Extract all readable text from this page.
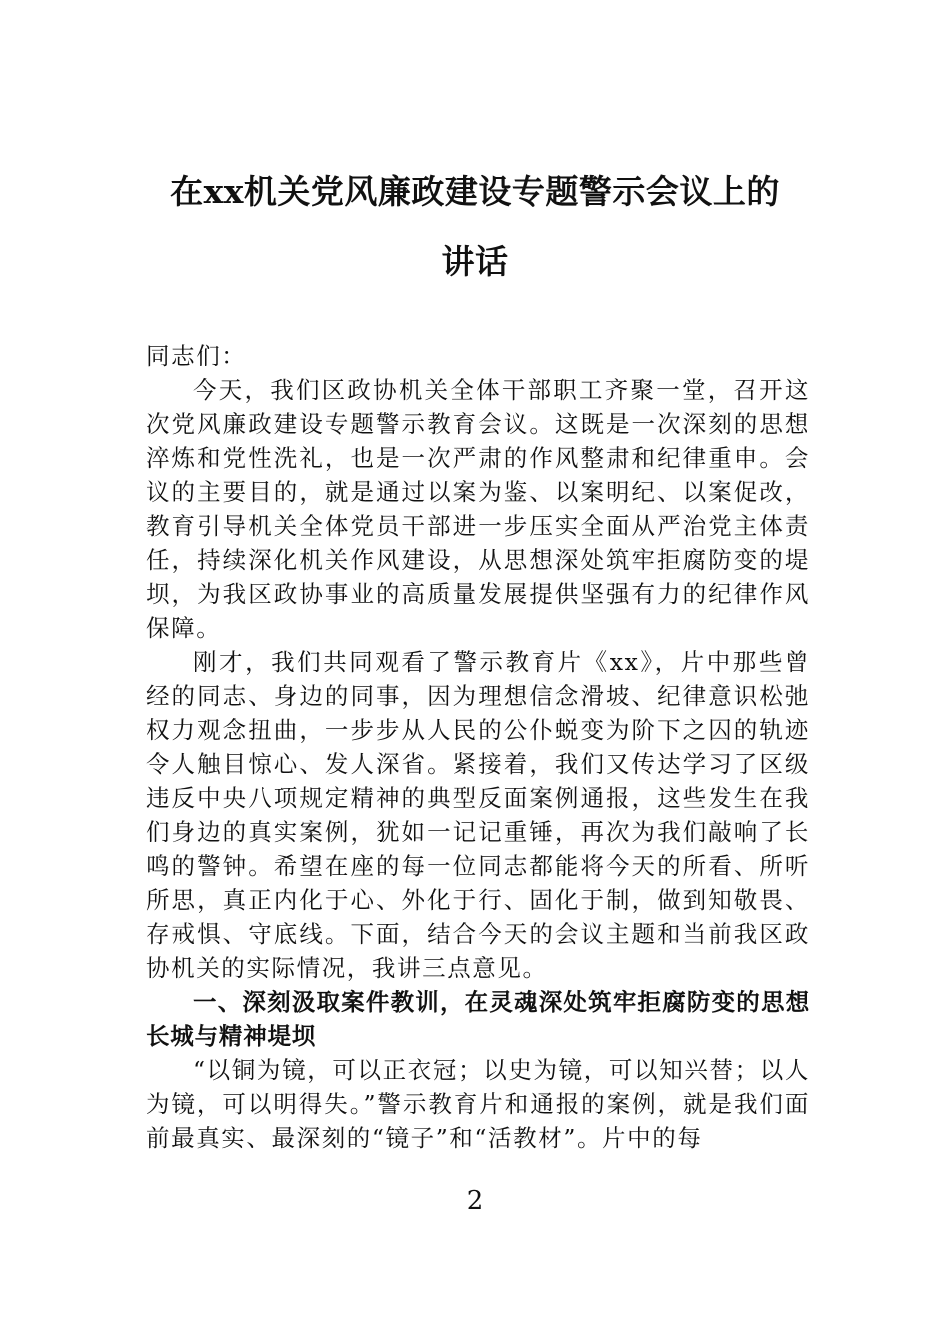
在xx机关党风廉政建设专题警示会议上的
讲话

同志们：

今天，我们区政协机关全体干部职工齐聚一堂，召开这次党风廉政建设专题警示教育会议。这既是一次深刻的思想淬炼和党性洗礼，也是一次严肃的作风整肃和纪律重申。会议的主要目的，就是通过以案为鉴、以案明纪、以案促改，教育引导机关全体党员干部进一步压实全面从严治党主体责任，持续深化机关作风建设，从思想深处筑牢拒腐防变的堤坝，为我区政协事业的高质量发展提供坚强有力的纪律作风保障。

刚才，我们共同观看了警示教育片《xx》，片中那些曾经的同志、身边的同事，因为理想信念滑坡、纪律意识松弛权力观念扭曲，一步步从人民的公仆蜕变为阶下之囚的轨迹令人触目惊心、发人深省。紧接着，我们又传达学习了区级违反中央八项规定精神的典型反面案例通报，这些发生在我们身边的真实案例，犹如一记记重锤，再次为我们敲响了长鸣的警钟。希望在座的每一位同志都能将今天的所看、所听所思，真正内化于心、外化于行、固化于制，做到知敬畏、存戒惧、守底线。下面，结合今天的会议主题和当前我区政协机关的实际情况，我讲三点意见。

一、深刻汲取案件教训，在灵魂深处筑牢拒腐防变的思想长城与精神堤坝

“以铜为镜，可以正衣冠；以史为镜，可以知兴替；以人为镜，可以明得失。”警示教育片和通报的案例，就是我们面前最真实、最深刻的“镜子”和“活教材”。片中的每

2
